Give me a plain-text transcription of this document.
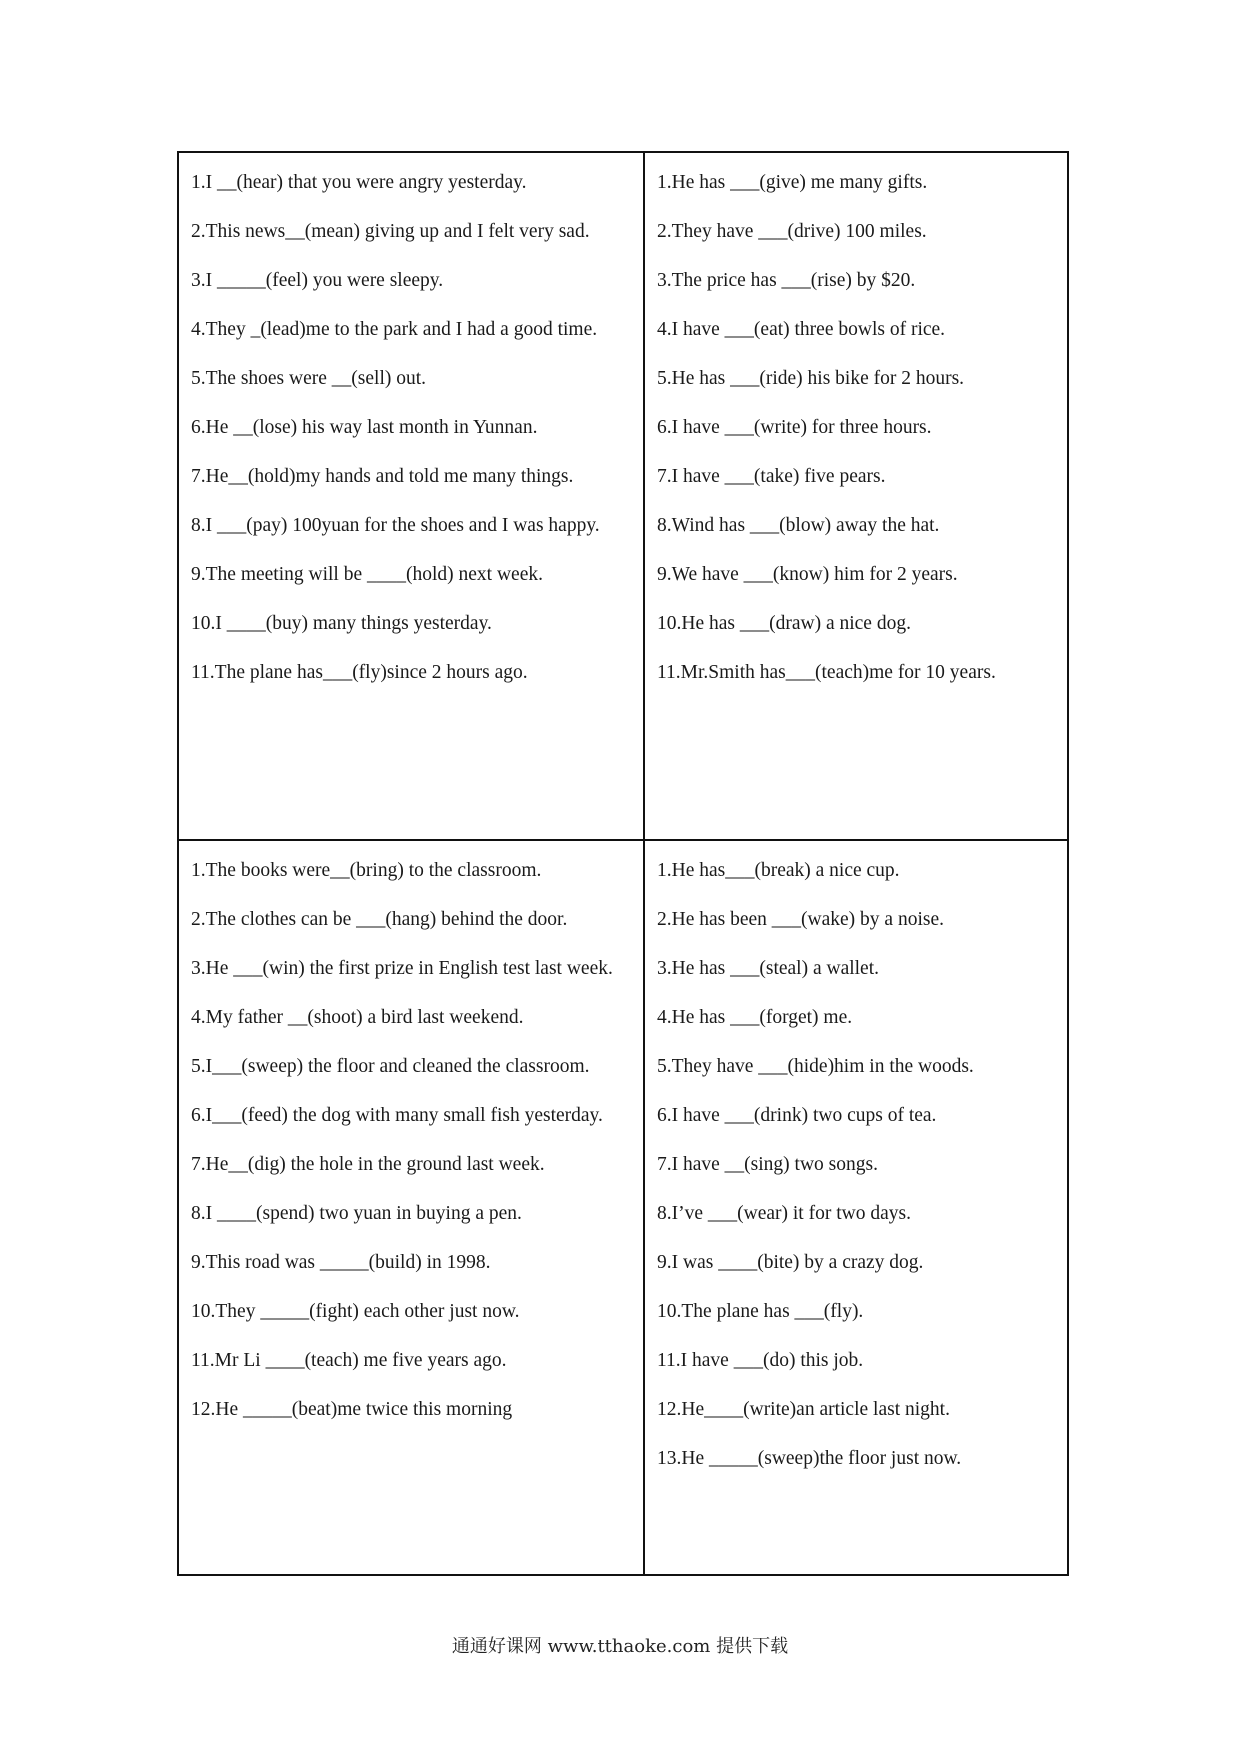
1.I __(hear) that you were angry yesterday.

2.This news__(mean) giving up and I felt very sad.

3.I _____(feel) you were sleepy.

4.They _(lead)me to the park and I had a good time.

5.The shoes were __(sell) out.

6.He __(lose) his way last month in Yunnan.

7.He__(hold)my hands and told me many things.

8.I ___(pay) 100yuan for the shoes and I was happy.

9.The meeting will be ____(hold) next week.

10.I ____(buy) many things yesterday.

11.The plane has___(fly)since 2 hours ago.

1.He has ___(give) me many gifts.

2.They have ___(drive) 100 miles.

3.The price has ___(rise) by $20.

4.I have ___(eat) three bowls of rice.

5.He has ___(ride) his bike for 2 hours.

6.I have ___(write) for three hours.

7.I have ___(take) five pears.

8.Wind has ___(blow) away the hat.

9.We have ___(know) him for 2 years.

10.He has ___(draw) a nice dog.

11.Mr.Smith has___(teach)me for 10 years.

1.The books were__(bring) to the classroom.

2.The clothes can be ___(hang) behind the door.

3.He ___(win) the first prize in English test last week.

4.My father __(shoot) a bird last weekend.

5.I___(sweep) the floor and cleaned the classroom.

6.I___(feed) the dog with many small fish yesterday.

7.He__(dig) the hole in the ground last week.

8.I ____(spend) two yuan in buying a pen.

9.This road was _____(build) in 1998.

10.They _____(fight) each other just now.

11.Mr Li ____(teach) me five years ago.

12.He _____(beat)me twice this morning

1.He has___(break) a nice cup.

2.He has been ___(wake) by a noise.

3.He has ___(steal) a wallet.

4.He has ___(forget) me.

5.They have ___(hide)him in the woods.

6.I have ___(drink) two cups of tea.

7.I have __(sing) two songs.

8.I’ve ___(wear) it for two days.

9.I was ____(bite) by a crazy dog.

10.The plane has ___(fly).

11.I have ___(do) this job.

12.He____(write)an article last night.

13.He _____(sweep)the floor just now.

通通好课网 www.tthaoke.com 提供下载
